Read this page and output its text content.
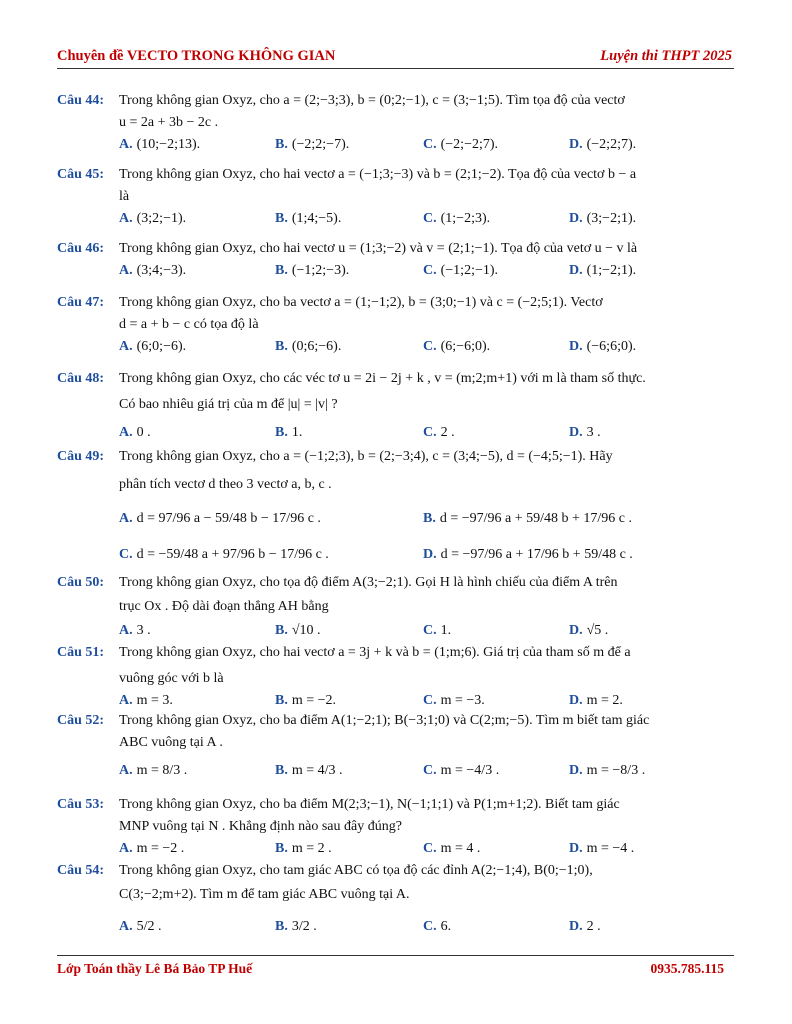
Chuyên đề VECTO TRONG KHÔNG GIAN	Luyện thi THPT 2025
Câu 44: Trong không gian Oxyz, cho a = (2;−3;3), b = (0;2;−1), c = (3;−1;5). Tìm tọa độ của vectơ
u = 2a + 3b − 2c .
A. (10;−2;13).	B. (−2;2;−7).	C. (−2;−2;7).	D. (−2;2;7).
Câu 45: Trong không gian Oxyz, cho hai vectơ a = (−1;3;−3) và b = (2;1;−2). Tọa độ của vectơ b − a
là
A. (3;2;−1).	B. (1;4;−5).	C. (1;−2;3).	D. (3;−2;1).
Câu 46: Trong không gian Oxyz, cho hai vectơ u = (1;3;−2) và v = (2;1;−1). Tọa độ của vetơ u − v là
A. (3;4;−3).	B. (−1;2;−3).	C. (−1;2;−1).	D. (1;−2;1).
Câu 47: Trong không gian Oxyz, cho ba vectơ a = (1;−1;2), b = (3;0;−1) và c = (−2;5;1). Vectơ
d = a + b − c có tọa độ là
A. (6;0;−6).	B. (0;6;−6).	C. (6;−6;0).	D. (−6;6;0).
Câu 48: Trong không gian Oxyz, cho các véc tơ u = 2i − 2j + k , v = (m;2;m+1) với m là tham số thực.
Có bao nhiêu giá trị của m để |u| = |v| ?
A. 0 .	B. 1.	C. 2 .	D. 3 .
Câu 49: Trong không gian Oxyz, cho a = (−1;2;3), b = (2;−3;4), c = (3;4;−5), d = (−4;5;−1). Hãy
phân tích vectơ d theo 3 vectơ a, b, c .
A. d = 97/96 a − 59/48 b − 17/96 c .	B. d = −97/96 a + 59/48 b + 17/96 c .
C. d = −59/48 a + 97/96 b − 17/96 c .	D. d = −97/96 a + 17/96 b + 59/48 c .
Câu 50: Trong không gian Oxyz, cho tọa độ điểm A(3;−2;1). Gọi H là hình chiếu của điểm A trên
trục Ox . Độ dài đoạn thẳng AH bằng
A. 3 .	B. √10 .	C. 1.	D. √5 .
Câu 51: Trong không gian Oxyz, cho hai vectơ a = 3j + k và b = (1;m;6). Giá trị của tham số m để a
vuông góc với b là
A. m = 3.	B. m = −2.	C. m = −3.	D. m = 2.
Câu 52: Trong không gian Oxyz, cho ba điểm A(1;−2;1); B(−3;1;0) và C(2;m;−5). Tìm m biết tam giác
ABC vuông tại A .
A. m = 8/3 .	B. m = 4/3 .	C. m = −4/3 .	D. m = −8/3 .
Câu 53: Trong không gian Oxyz, cho ba điểm M(2;3;−1), N(−1;1;1) và P(1;m+1;2). Biết tam giác
MNP vuông tại N . Khẳng định nào sau đây đúng?
A. m = −2 .	B. m = 2 .	C. m = 4 .	D. m = −4 .
Câu 54: Trong không gian Oxyz, cho tam giác ABC có tọa độ các đỉnh A(2;−1;4), B(0;−1;0),
C(3;−2;m+2). Tìm m để tam giác ABC vuông tại A.
A. 5/2 .	B. 3/2 .	C. 6.	D. 2 .
Lớp Toán thầy Lê Bá Bảo TP Huế	0935.785.115
